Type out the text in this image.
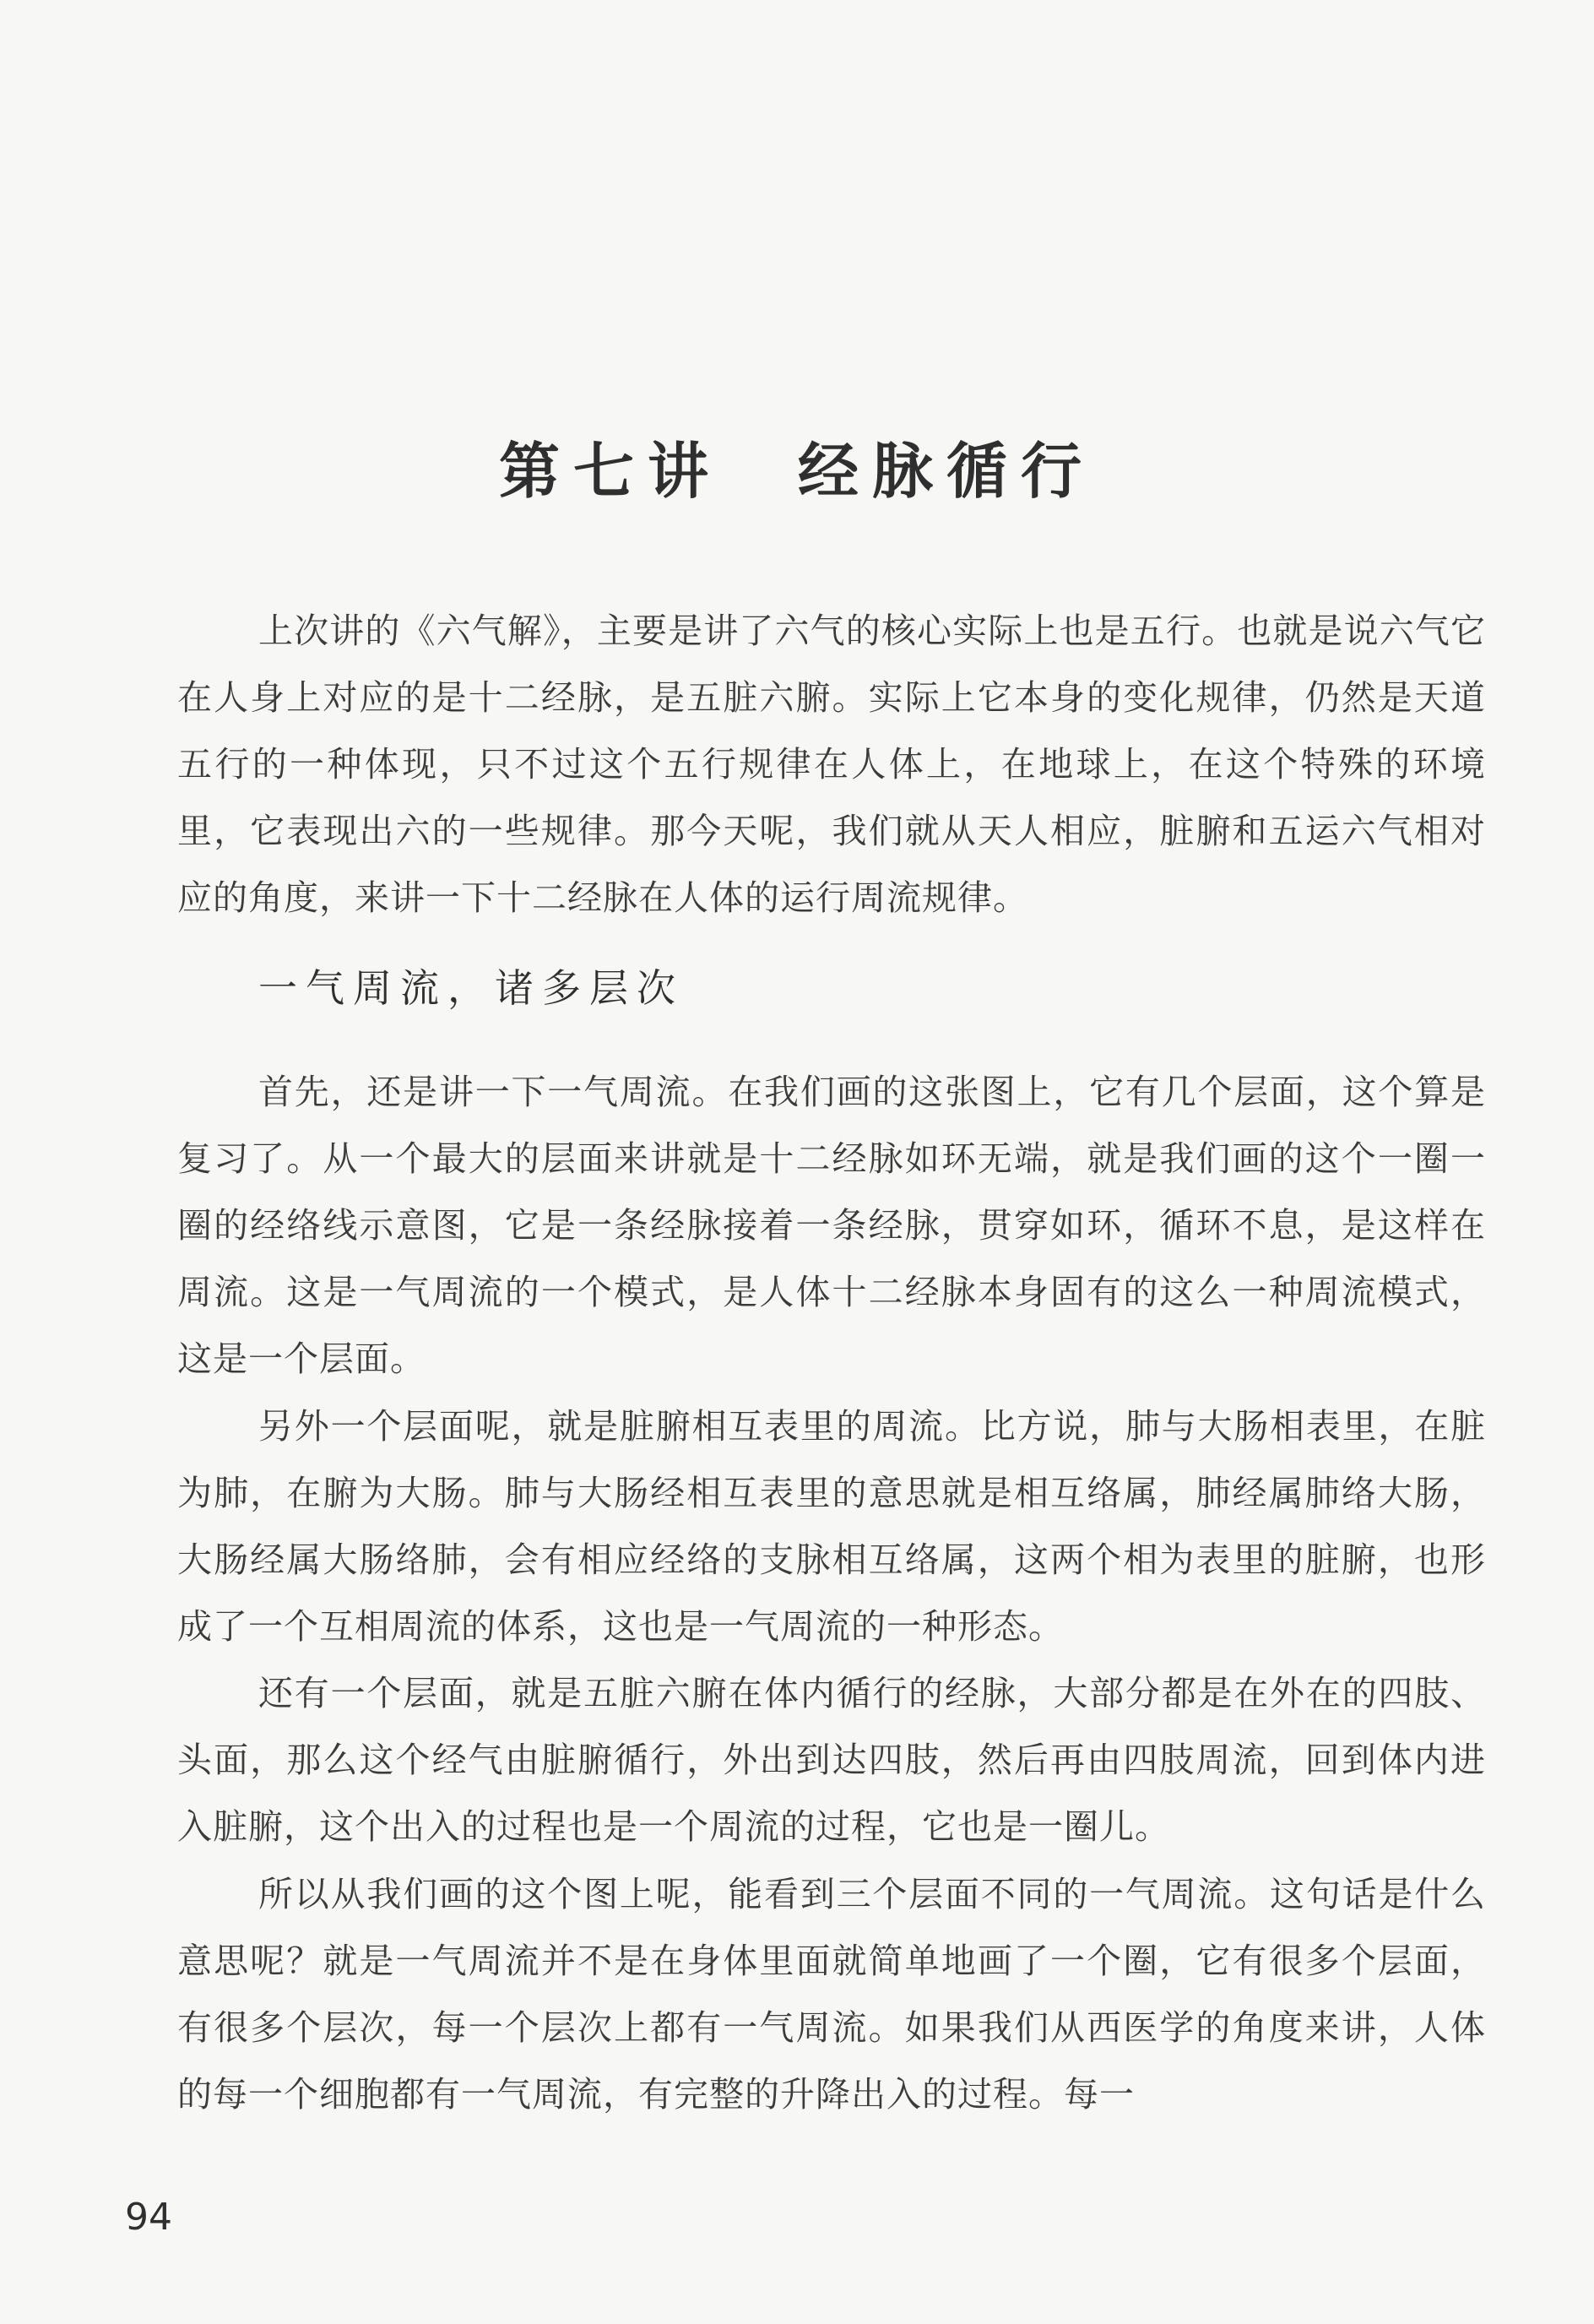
第七讲 经脉循行

上次讲的《六气解》，主要是讲了六气的核心实际上也是五行。也就是说六气它在人身上对应的是十二经脉，是五脏六腑。实际上它本身的变化规律，仍然是天道五行的一种体现，只不过这个五行规律在人体上，在地球上，在这个特殊的环境里，它表现出六的一些规律。那今天呢，我们就从天人相应，脏腑和五运六气相对应的角度，来讲一下十二经脉在人体的运行周流规律。

一气周流，诸多层次

首先，还是讲一下一气周流。在我们画的这张图上，它有几个层面，这个算是复习了。从一个最大的层面来讲就是十二经脉如环无端，就是我们画的这个一圈一圈的经络线示意图，它是一条经脉接着一条经脉，贯穿如环，循环不息，是这样在周流。这是一气周流的一个模式，是人体十二经脉本身固有的这么一种周流模式，这是一个层面。

另外一个层面呢，就是脏腑相互表里的周流。比方说，肺与大肠相表里，在脏为肺，在腑为大肠。肺与大肠经相互表里的意思就是相互络属，肺经属肺络大肠，大肠经属大肠络肺，会有相应经络的支脉相互络属，这两个相为表里的脏腑，也形成了一个互相周流的体系，这也是一气周流的一种形态。

还有一个层面，就是五脏六腑在体内循行的经脉，大部分都是在外在的四肢、头面，那么这个经气由脏腑循行，外出到达四肢，然后再由四肢周流，回到体内进入脏腑，这个出入的过程也是一个周流的过程，它也是一圈儿。

所以从我们画的这个图上呢，能看到三个层面不同的一气周流。这句话是什么意思呢？就是一气周流并不是在身体里面就简单地画了一个圈，它有很多个层面，有很多个层次，每一个层次上都有一气周流。如果我们从西医学的角度来讲，人体的每一个细胞都有一气周流，有完整的升降出入的过程。每一

94
